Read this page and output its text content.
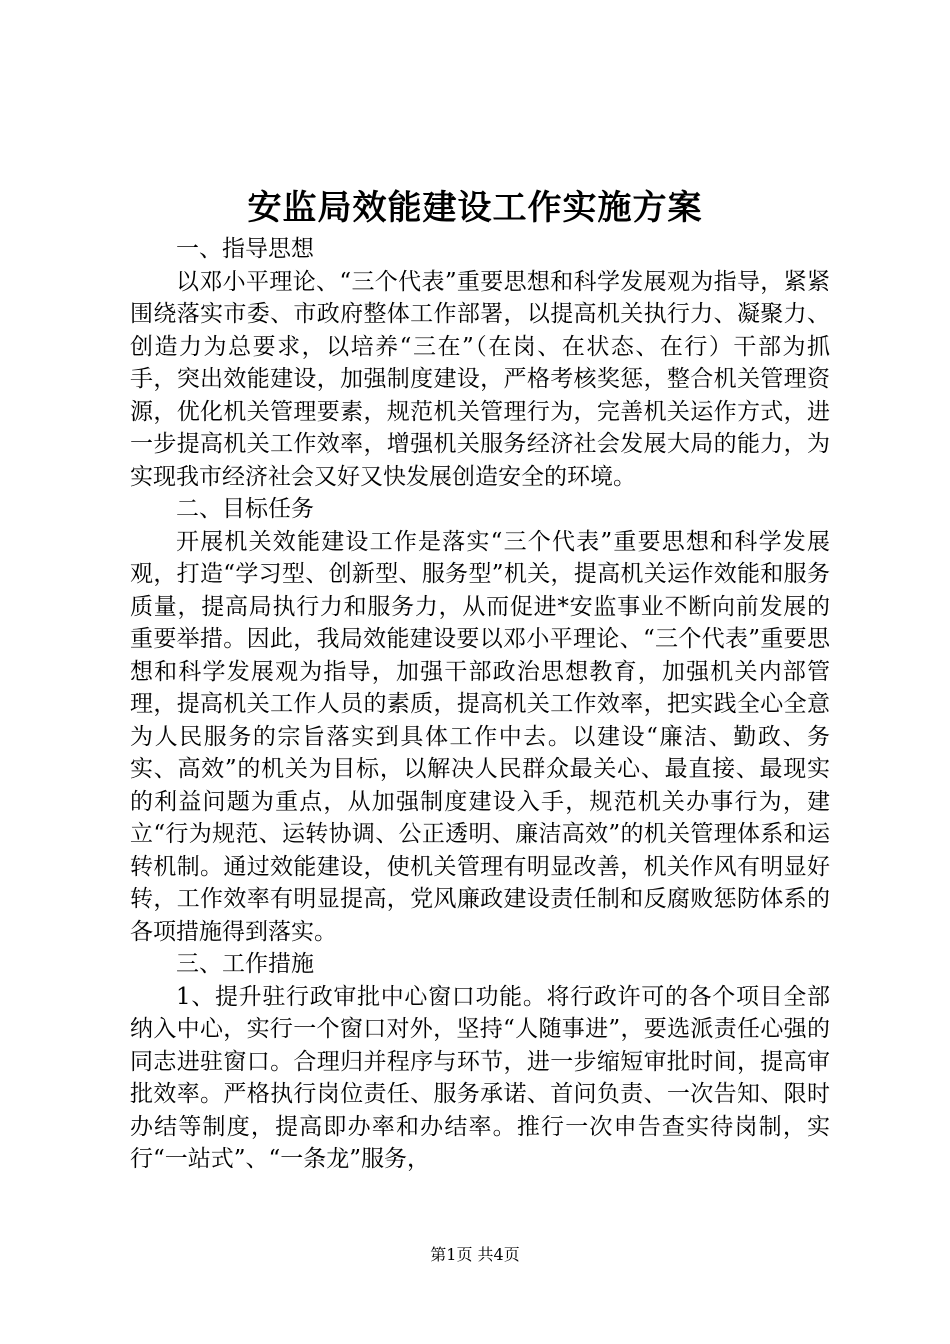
安监局效能建设工作实施方案

一、指导思想

以邓小平理论、“三个代表”重要思想和科学发展观为指导，紧紧围绕落实市委、市政府整体工作部署，以提高机关执行力、凝聚力、创造力为总要求，以培养“三在”（在岗、在状态、在行）干部为抓手，突出效能建设，加强制度建设，严格考核奖惩，整合机关管理资源，优化机关管理要素，规范机关管理行为，完善机关运作方式，进一步提高机关工作效率，增强机关服务经济社会发展大局的能力，为实现我市经济社会又好又快发展创造安全的环境。

二、目标任务

开展机关效能建设工作是落实“三个代表”重要思想和科学发展观，打造“学习型、创新型、服务型”机关，提高机关运作效能和服务质量，提高局执行力和服务力，从而促进*安监事业不断向前发展的重要举措。因此，我局效能建设要以邓小平理论、“三个代表”重要思想和科学发展观为指导，加强干部政治思想教育，加强机关内部管理，提高机关工作人员的素质，提高机关工作效率，把实践全心全意为人民服务的宗旨落实到具体工作中去。以建设“廉洁、勤政、务实、高效”的机关为目标，以解决人民群众最关心、最直接、最现实的利益问题为重点，从加强制度建设入手，规范机关办事行为，建立“行为规范、运转协调、公正透明、廉洁高效”的机关管理体系和运转机制。通过效能建设，使机关管理有明显改善，机关作风有明显好转，工作效率有明显提高，党风廉政建设责任制和反腐败惩防体系的各项措施得到落实。

三、工作措施

1、提升驻行政审批中心窗口功能。将行政许可的各个项目全部纳入中心，实行一个窗口对外，坚持“人随事进”，要选派责任心强的同志进驻窗口。合理归并程序与环节，进一步缩短审批时间，提高审批效率。严格执行岗位责任、服务承诺、首问负责、一次告知、限时办结等制度，提高即办率和办结率。推行一次申告查实待岗制，实行“一站式”、“一条龙”服务，

第1页 共4页
